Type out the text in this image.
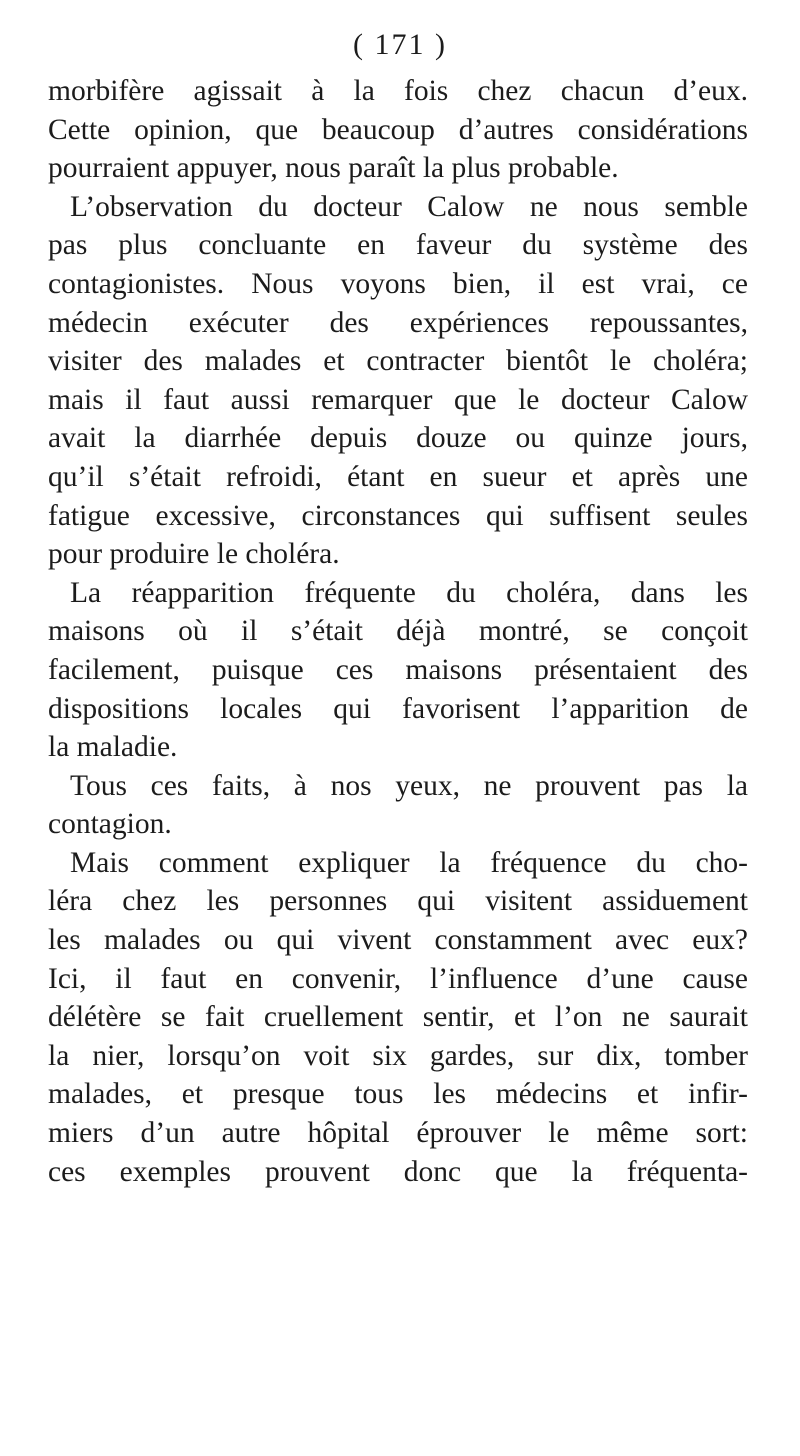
( 171 )
morbifère agissait à la fois chez chacun d’eux.
Cette opinion, que beaucoup d’autres considérations
pourraient appuyer, nous paraît la plus probable.
L’observation du docteur Calow ne nous semble
pas plus concluante en faveur du système des
contagionistes. Nous voyons bien, il est vrai, ce
médecin exécuter des expériences repoussantes,
visiter des malades et contracter bientôt le choléra;
mais il faut aussi remarquer que le docteur Calow
avait la diarrhée depuis douze ou quinze jours,
qu’il s’était refroidi, étant en sueur et après une
fatigue excessive, circonstances qui suffisent seules
pour produire le choléra.
La réapparition fréquente du choléra, dans les
maisons où il s’était déjà montré, se conçoit
facilement, puisque ces maisons présentaient des
dispositions locales qui favorisent l’apparition de
la maladie.
Tous ces faits, à nos yeux, ne prouvent pas la
contagion.
Mais comment expliquer la fréquence du cho-
léra chez les personnes qui visitent assiduement
les malades ou qui vivent constamment avec eux?
Ici, il faut en convenir, l’influence d’une cause
délétère se fait cruellement sentir, et l’on ne saurait
la nier, lorsqu’on voit six gardes, sur dix, tomber
malades, et presque tous les médecins et infir-
miers d’un autre hôpital éprouver le même sort:
ces exemples prouvent donc que la fréquenta-
